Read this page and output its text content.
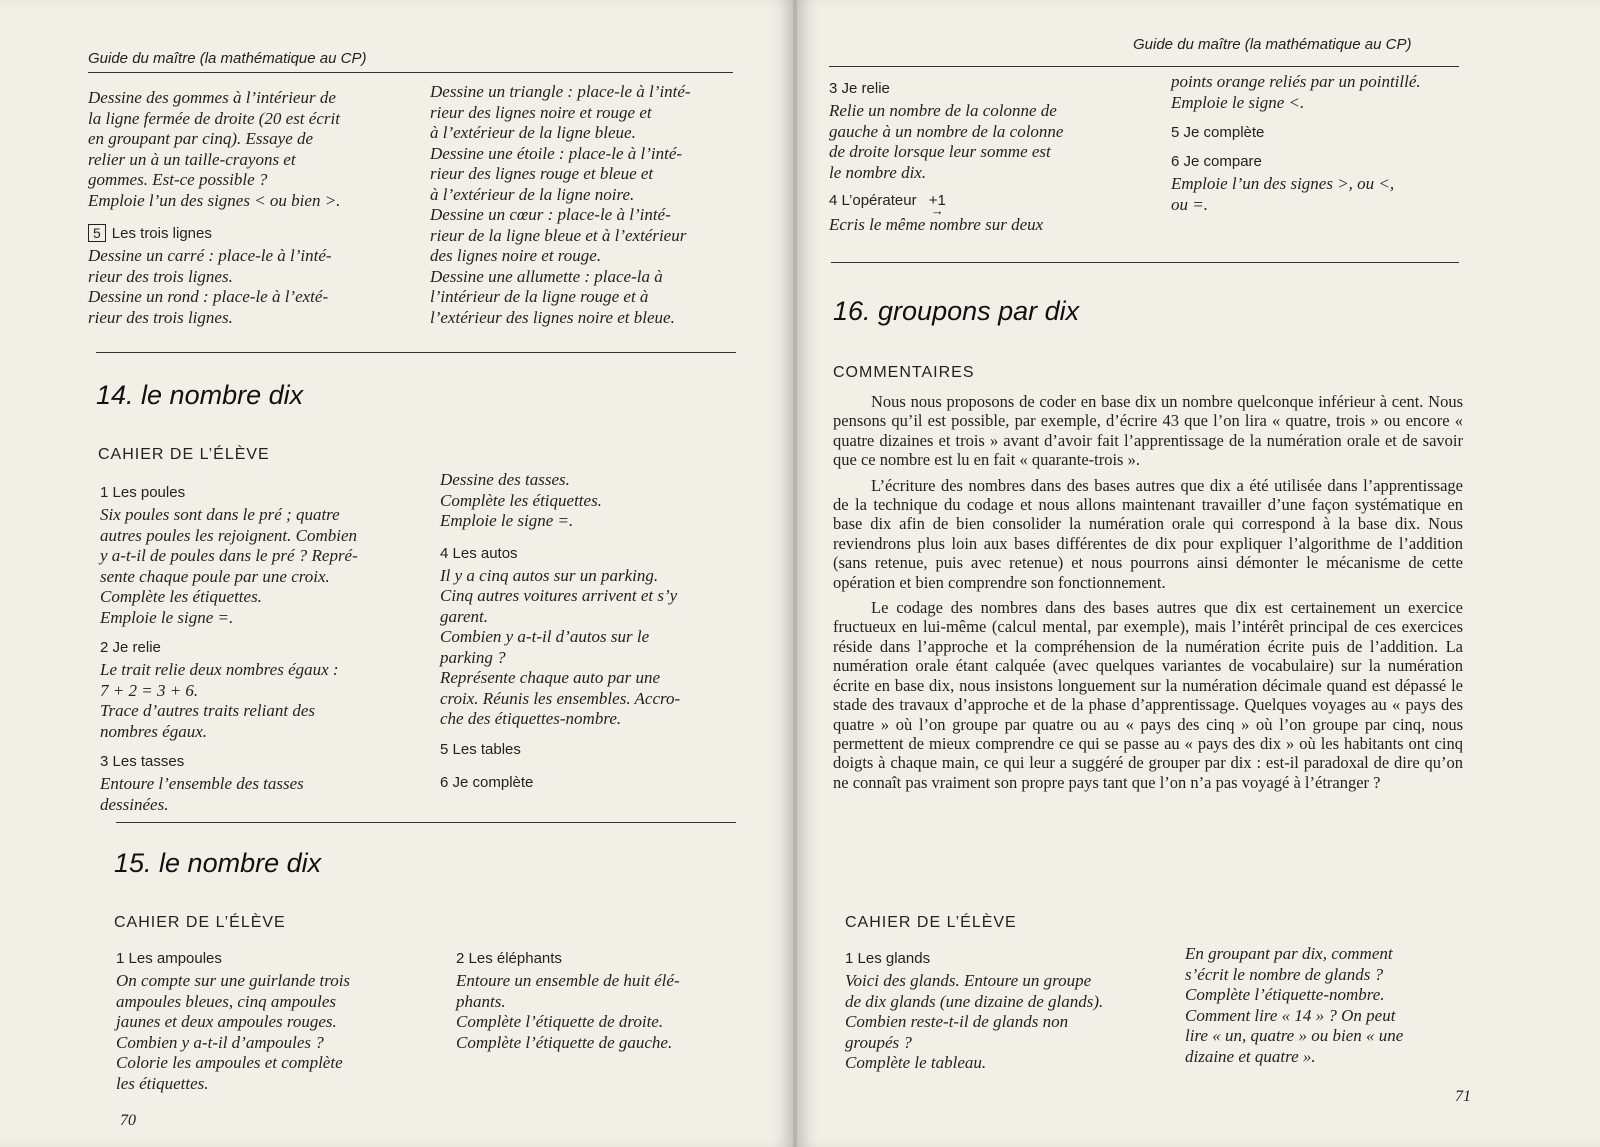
Guide du maître (la mathématique au CP)

Dessine des gommes à l’intérieur de

la ligne fermée de droite (20 est écrit

en groupant par cinq). Essaye de

relier un à un taille-crayons et

gommes. Est-ce possible ?

Emploie l’un des signes < ou bien >.

5 Les trois lignes

Dessine un carré : place-le à l’inté-

rieur des trois lignes.

Dessine un rond : place-le à l’exté-

rieur des trois lignes.

Dessine un triangle : place-le à l’inté-

rieur des lignes noire et rouge et

à l’extérieur de la ligne bleue.

Dessine une étoile : place-le à l’inté-

rieur des lignes rouge et bleue et

à l’extérieur de la ligne noire.

Dessine un cœur : place-le à l’inté-

rieur de la ligne bleue et à l’extérieur

des lignes noire et rouge.

Dessine une allumette : place-la à

l’intérieur de la ligne rouge et à

l’extérieur des lignes noire et bleue.

14. le nombre dix
CAHIER DE L’ÉLÈVE
1 Les poules

Six poules sont dans le pré ; quatre

autres poules les rejoignent. Combien

y a-t-il de poules dans le pré ? Repré-

sente chaque poule par une croix.

Complète les étiquettes.

Emploie le signe =.

2 Je relie

Le trait relie deux nombres égaux :

7 + 2 = 3 + 6.

Trace d’autres traits reliant des

nombres égaux.

3 Les tasses

Entoure l’ensemble des tasses

dessinées.

Dessine des tasses.

Complète les étiquettes.

Emploie le signe =.

4 Les autos

Il y a cinq autos sur un parking.

Cinq autres voitures arrivent et s’y

garent.

Combien y a-t-il d’autos sur le

parking ?

Représente chaque auto par une

croix. Réunis les ensembles. Accro-

che des étiquettes-nombre.

5 Les tables
6 Je complète
15. le nombre dix
CAHIER DE L’ÉLÈVE
1 Les ampoules

On compte sur une guirlande trois

ampoules bleues, cinq ampoules

jaunes et deux ampoules rouges.

Combien y a-t-il d’ampoules ?

Colorie les ampoules et complète

les étiquettes.

2 Les éléphants

Entoure un ensemble de huit élé-

phants.

Complète l’étiquette de droite.

Complète l’étiquette de gauche.

70
Guide du maître (la mathématique au CP)
3 Je relie

Relie un nombre de la colonne de

gauche à un nombre de la colonne

de droite lorsque leur somme est

le nombre dix.

4 L’opérateur +1 →

Ecris le même nombre sur deux

points orange reliés par un pointillé.

Emploie le signe <.

5 Je complète
6 Je compare

Emploie l’un des signes >, ou <,

ou =.

16. groupons par dix
COMMENTAIRES

Nous nous proposons de coder en base dix un nombre quelconque inférieur à cent. Nous pensons qu’il est possible, par exemple, d’écrire 43 que l’on lira « quatre, trois » ou encore « quatre dizaines et trois » avant d’avoir fait l’apprentissage de la numération orale et de savoir que ce nombre est lu en fait « quarante-trois ».

L’écriture des nombres dans des bases autres que dix a été utilisée dans l’apprentissage de la technique du codage et nous allons maintenant travailler d’une façon systématique en base dix afin de bien consolider la numération orale qui correspond à la base dix. Nous reviendrons plus loin aux bases différentes de dix pour expliquer l’algorithme de l’addition (sans retenue, puis avec retenue) et nous pourrons ainsi démonter le mécanisme de cette opération et bien comprendre son fonctionnement.

Le codage des nombres dans des bases autres que dix est certainement un exercice fructueux en lui-même (calcul mental, par exemple), mais l’intérêt principal de ces exercices réside dans l’approche et la compréhension de la numération écrite puis de l’addition. La numération orale étant calquée (avec quelques variantes de vocabulaire) sur la numération écrite en base dix, nous insistons longuement sur la numération décimale quand est dépassé le stade des travaux d’approche et de la phase d’apprentissage. Quelques voyages au « pays des quatre » où l’on groupe par quatre ou au « pays des cinq » où l’on groupe par cinq, nous permettent de mieux comprendre ce qui se passe au « pays des dix » où les habitants ont cinq doigts à chaque main, ce qui leur a suggéré de grouper par dix : est-il paradoxal de dire qu’on ne connaît pas vraiment son propre pays tant que l’on n’a pas voyagé à l’étranger ?

CAHIER DE L’ÉLÈVE
1 Les glands

Voici des glands. Entoure un groupe

de dix glands (une dizaine de glands).

Combien reste-t-il de glands non

groupés ?

Complète le tableau.

En groupant par dix, comment

s’écrit le nombre de glands ?

Complète l’étiquette-nombre.

Comment lire « 14 » ? On peut

lire « un, quatre » ou bien « une

dizaine et quatre ».

71
